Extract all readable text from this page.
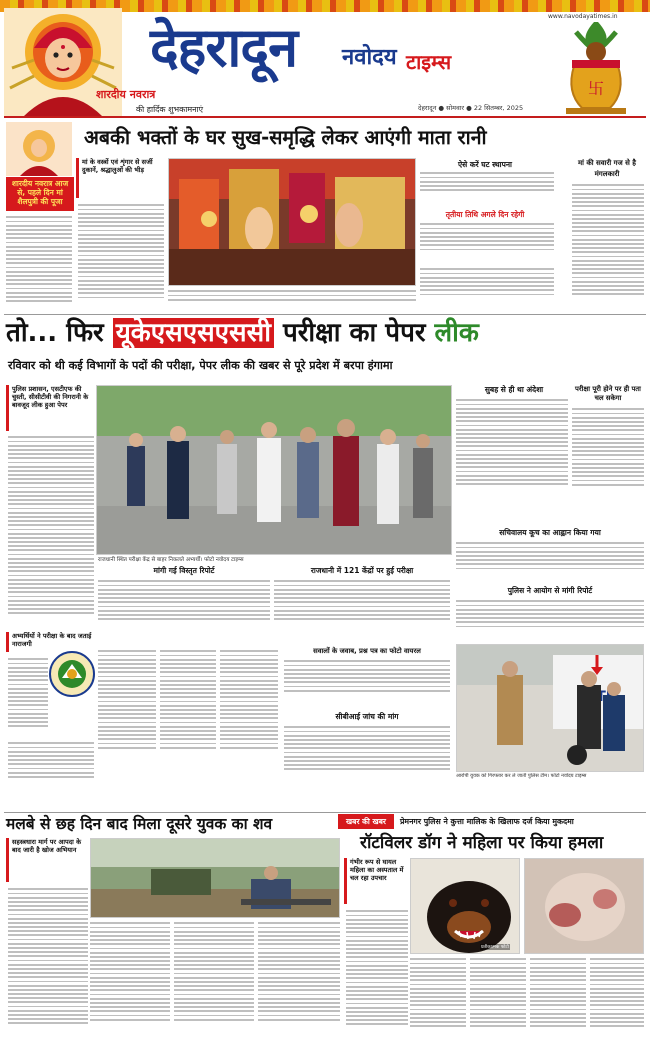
www.navodayatimes.in
देहरादून नवोदय टाइम्स
शारदीय नवरात्र
की हार्दिक शुभकामनाएं	देहरादून ● सोमवार ● 22 सितम्बर, 2025
卐
शारदीय नवरात्र आज से, पहले दिन मां शैलपुत्री की पूजा
अबकी भक्तों के घर सुख-समृद्धि लेकर आएंगी माता रानी
मां के वस्त्रों एवं शृंगार से सजीं दुकानें, श्रद्धालुओं की भीड़
ऐसे करें घट स्थापना
तृतीया तिथि अगले दिन रहेगी
मां की सवारी गज से है मंगलकारी
तो... फिर यूकेएसएसएससी परीक्षा का पेपर लीक
रविवार को थी कई विभागों के पदों की परीक्षा, पेपर लीक की खबर से पूरे प्रदेश में बरपा हंगामा
पुलिस प्रशासन, एसटीएफ की चुस्ती, सीसीटीवी की निगरानी के बावजूद लीक हुआ पेपर
अभ्यर्थियों ने परीक्षा के बाद जताई नाराजगी
राजधानी स्थित परीक्षा केंद्र से बाहर निकलते अभ्यर्थी। फोटो नवोदय टाइम्स
मांगी गई विस्तृत रिपोर्ट	राजधानी में 121 केंद्रों पर हुई परीक्षा
सवालों के जवाब, प्रश्न पत्र का फोटो वायरल
सीबीआई जांच की मांग
सुबह से ही था अंदेशा	परीक्षा पूरी होने पर ही पता चल सकेगा
सचिवालय कूच का आह्वान किया गया
पुलिस ने आयोग से मांगी रिपोर्ट
आरोपी युवक को गिरफ्तार कर ले जाती पुलिस टीम। फोटो नवोदय टाइम्स
मलबे से छह दिन बाद मिला दूसरे युवक का शव	खबर की खबर	प्रेमनगर पुलिस ने कुत्ता मालिक के खिलाफ दर्ज किया मुकदमा
रॉटविलर डॉग ने महिला पर किया हमला
सहस्त्रधारा मार्ग पर आपदा के बाद जारी है खोज अभियान
गंभीर रूप से घायल महिला का अस्पताल में चल रहा उपचार
प्रतीकात्मक फोटो
